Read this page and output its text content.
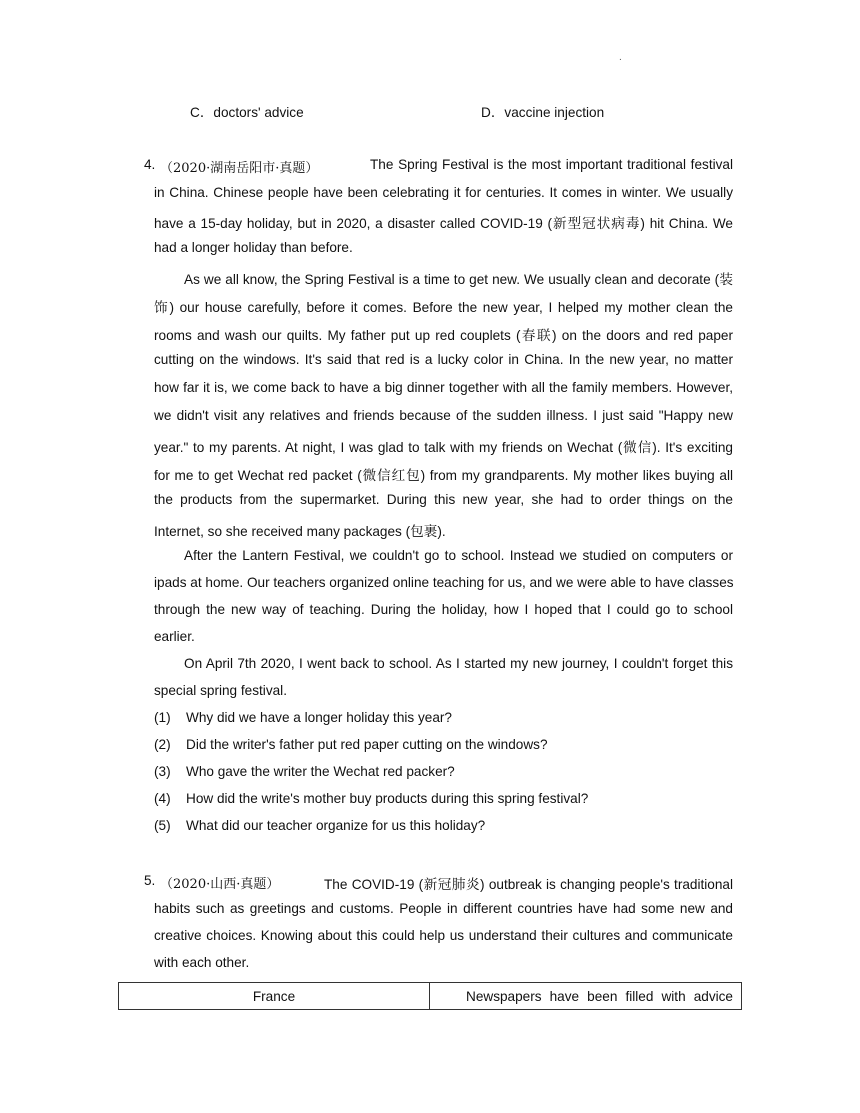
.
C．doctors' advice	D．vaccine injection
4. （2020·湖南岳阳市·真题）	The Spring Festival is the most important traditional festival
in China. Chinese people have been celebrating it for centuries. It comes in winter. We usually
have a 15-day holiday, but in 2020, a disaster called COVID-19 (新型冠状病毒) hit China. We
had a longer holiday than before.
As we all know, the Spring Festival is a time to get new. We usually clean and decorate (装
饰) our house carefully, before it comes. Before the new year, I helped my mother clean the
rooms and wash our quilts. My father put up red couplets (春联) on the doors and red paper
cutting on the windows. It's said that red is a lucky color in China. In the new year, no matter
how far it is, we come back to have a big dinner together with all the family members. However,
we didn't visit any relatives and friends because of the sudden illness. I just said "Happy new
year." to my parents. At night, I was glad to talk with my friends on Wechat (微信). It's exciting
for me to get Wechat red packet (微信红包) from my grandparents. My mother likes buying all
the products from the supermarket. During this new year, she had to order things on the
Internet, so she received many packages (包裹).
After the Lantern Festival, we couldn't go to school. Instead we studied on computers or
ipads at home. Our teachers organized online teaching for us, and we were able to have classes
through the new way of teaching. During the holiday, how I hoped that I could go to school
earlier.
On April 7th 2020, I went back to school. As I started my new journey, I couldn't forget this
special spring festival.
(1) Why did we have a longer holiday this year?
(2) Did the writer's father put red paper cutting on the windows?
(3) Who gave the writer the Wechat red packer?
(4) How did the write's mother buy products during this spring festival?
(5) What did our teacher organize for us this holiday?
5. （2020·山西·真题）	The COVID-19 (新冠肺炎) outbreak is changing people's traditional
habits such as greetings and customs. People in different countries have had some new and
creative choices. Knowing about this could help us understand their cultures and communicate
with each other.
France	Newspapers have been filled with advice
